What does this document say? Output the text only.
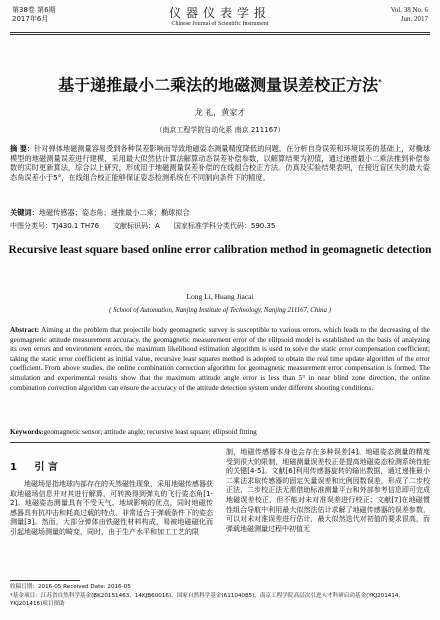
第38卷 第6期
2017年6月	仪器仪表学报
Chinese Journal of Scientific Instrument
Vol. 38 No. 6
Jun. 2017
基于递推最小二乘法的地磁测量误差校正方法*
龙 礼，黄家才
（南京工程学院自动化系 南京 211167）
摘 要：针对弹体地磁测量容易受到各种误差影响而导致地磁姿态测量精度降低的问题，在分析自身误差和环境误差的基础上，对椭球模型的地磁测量误差进行建模，采用最大似然估计算法解算动态误差补偿参数，以解算结果为初值，通过递推最小二乘法推到补偿参数的实时更新算法，综合以上研究，形成用于地磁测量误差补偿的在线组合校正方法。仿真及实验结果表明，在接近盲区失的最大姿态角误差小于5°，在线组合校正能够保证姿态检测系统在不同制向条件下的精度。
关键词：地磁传感器；姿态角；递推最小二乘；椭球拟合
中图分类号：TJ430.1 TH76 文献标识码：A 国家标准学科分类代码：590.35
Recursive least square based online error calibration method in geomagnetic detection
Long Li, Huang Jiacai
( School of Automation, Nanjing Institute of Technology, Nanjing 211167, China )
Abstract: Aiming at the problem that projectile body geomagnetic survey is susceptible to various errors, which leads to the decreasing of the geomagnetic attitude measurement accuracy, the geomagnetic measurement error of the ellipsoid model is established on the basis of analyzing its own errors and environment errors, the maximum likelihood estimation algorithm is used to solve the static error compensation coefficient; taking the static error coefficient as initial value, recursive least squares method is adopted to obtain the real time update algorithm of the error coefficient. From above studies, the online combination correction algorithm for geomagnetic measurement error compensation is formed. The simulation and experimental results show that the maximum attitude angle error is less than 5° in near blind zone direction, the online combination correction algorithm can ensure the accuracy of the attitude detection system under different shooting conditions.
Keywords:geomagnetic sensor; attitude angle; recursive least square; ellipsoid fitting
1 引 言
地磁场是指地球内部存在的天然磁性现象，采用地磁传感器获取地磁场信息并对其进行解算，可转换得到弹丸的飞行姿态角[1-2]。地磁姿态测量具有不受天气、地域影响的优点，同时地磁传感器具有抗冲击和耗高过载的特点，非常适合于弹载条件下的姿态测量[3]。然而，大部分弹体由铁磁性材料构成，易被地磁磁化而引起地磁场测量的畸变，同时，由于生产水平和加工工艺的限
制，地磁传感器本身也会存在多种误差[4]。地磁姿态测量的精度受到很大的限制，地磁测量误差校正是提高地磁姿态检测系统性能的关键[4-5]。文献[6]利用传感器旋转的输出数据，通过递推最小二乘法求取传感器的固定矢量误差和比例因数误差，形成了二步校正法，二步校正法无需借助标准测量平台和外部参考信息即可完成地磁误差校正，但不能对未对准误差进行校正；文献[7]在地磁惯性组合导航中利用最大似然法估计求解了地磁传感器的误差参数，可以对未对准误差进行估计，最大似然迭代对初值的要求很高，而弹载地磁测量过程中初值无
收稿日期：2016-05 Received Date: 2016-05
*基金项目：江苏省自然科学基金(BK20151463、14KJB60016)、国家自然科学基金(61104085)、南京工程学院高层次引进人才科研启动基金(YKJ201414、YKJ201416)项目资助
